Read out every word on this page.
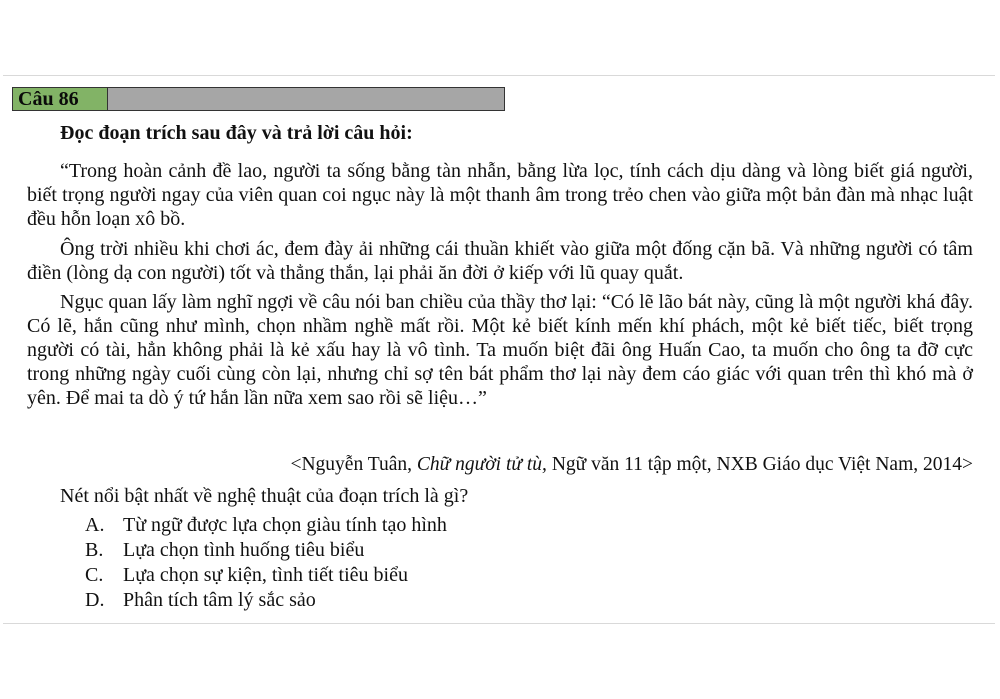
Câu 86
Đọc đoạn trích sau đây và trả lời câu hỏi:

“Trong hoàn cảnh đề lao, người ta sống bằng tàn nhẫn, bằng lừa lọc, tính cách dịu dàng và lòng biết giá người, biết trọng người ngay của viên quan coi ngục này là một thanh âm trong trẻo chen vào giữa một bản đàn mà nhạc luật đều hỗn loạn xô bồ.

Ông trời nhiều khi chơi ác, đem đày ải những cái thuần khiết vào giữa một đống cặn bã. Và những người có tâm điền (lòng dạ con người) tốt và thẳng thắn, lại phải ăn đời ở kiếp với lũ quay quắt.

Ngục quan lấy làm nghĩ ngợi về câu nói ban chiều của thầy thơ lại: “Có lẽ lão bát này, cũng là một người khá đây. Có lẽ, hắn cũng như mình, chọn nhầm nghề mất rồi. Một kẻ biết kính mến khí phách, một kẻ biết tiếc, biết trọng người có tài, hẳn không phải là kẻ xấu hay là vô tình. Ta muốn biệt đãi ông Huấn Cao, ta muốn cho ông ta đỡ cực trong những ngày cuối cùng còn lại, nhưng chỉ sợ tên bát phẩm thơ lại này đem cáo giác với quan trên thì khó mà ở yên. Để mai ta dò ý tứ hắn lần nữa xem sao rồi sẽ liệu…”

<Nguyễn Tuân, Chữ người tử tù, Ngữ văn 11 tập một, NXB Giáo dục Việt Nam, 2014>
Nét nổi bật nhất về nghệ thuật của đoạn trích là gì?
A. Từ ngữ được lựa chọn giàu tính tạo hình
B. Lựa chọn tình huống tiêu biểu
C. Lựa chọn sự kiện, tình tiết tiêu biểu
D. Phân tích tâm lý sắc sảo
